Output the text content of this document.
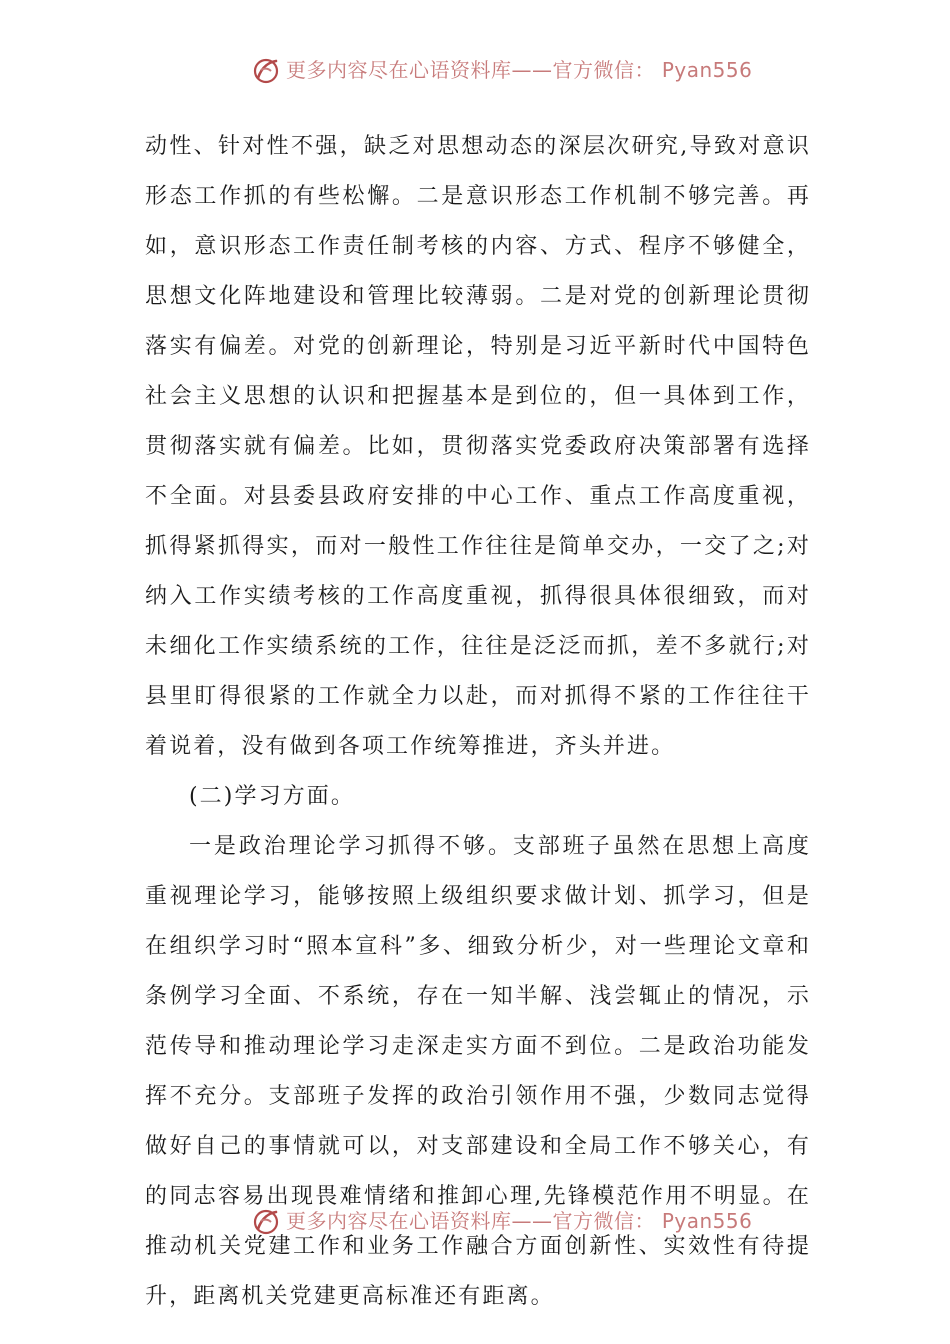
更多内容尽在心语资料库——官方微信： Pyan556

动性、针对性不强，缺乏对思想动态的深层次研究,导致对意识形态工作抓的有些松懈。二是意识形态工作机制不够完善。再如，意识形态工作责任制考核的内容、方式、程序不够健全，思想文化阵地建设和管理比较薄弱。二是对党的创新理论贯彻落实有偏差。对党的创新理论，特别是习近平新时代中国特色社会主义思想的认识和把握基本是到位的，但一具体到工作，贯彻落实就有偏差。比如，贯彻落实党委政府决策部署有选择不全面。对县委县政府安排的中心工作、重点工作高度重视，抓得紧抓得实，而对一般性工作往往是简单交办，一交了之;对纳入工作实绩考核的工作高度重视，抓得很具体很细致，而对未细化工作实绩系统的工作，往往是泛泛而抓，差不多就行;对县里盯得很紧的工作就全力以赴，而对抓得不紧的工作往往干着说着，没有做到各项工作统筹推进，齐头并进。

(二)学习方面。

一是政治理论学习抓得不够。支部班子虽然在思想上高度重视理论学习，能够按照上级组织要求做计划、抓学习，但是在组织学习时“照本宣科”多、细致分析少，对一些理论文章和条例学习全面、不系统，存在一知半解、浅尝辄止的情况，示范传导和推动理论学习走深走实方面不到位。二是政治功能发挥不充分。支部班子发挥的政治引领作用不强，少数同志觉得做好自己的事情就可以，对支部建设和全局工作不够关心，有的同志容易出现畏难情绪和推卸心理,先锋模范作用不明显。在推动机关党建工作和业务工作融合方面创新性、实效性有待提升，距离机关党建更高标准还有距离。

更多内容尽在心语资料库——官方微信： Pyan556
